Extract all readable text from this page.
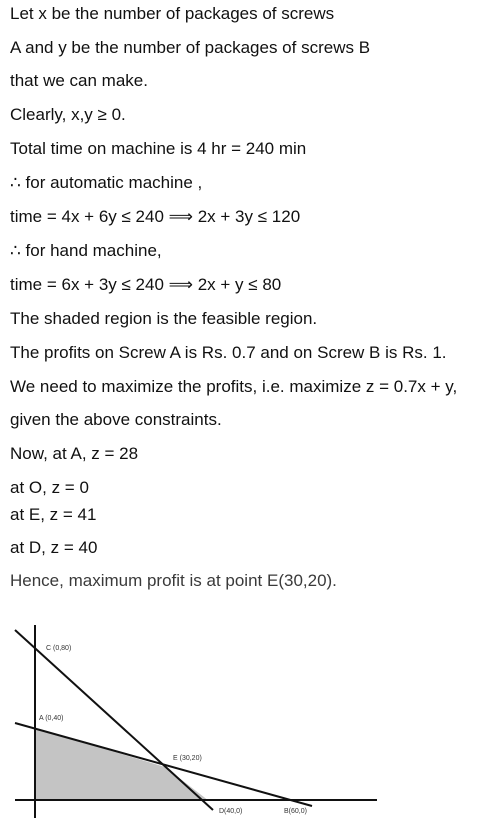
Let x be the number of packages of screws
A and y be the number of packages of screws B
that we can make.
Clearly, x,y ≥ 0.
Total time on machine is 4 hr = 240 min
∴ for automatic machine ,
time = 4x + 6y ≤ 240 ⟹ 2x + 3y ≤ 120
∴ for hand machine,
time = 6x + 3y ≤ 240 ⟹ 2x + y ≤ 80
The shaded region is the feasible region.
The profits on Screw A is Rs. 0.7 and on Screw B is Rs. 1.
We need to maximize the profits, i.e. maximize z = 0.7x + y,
given the above constraints.
Now, at A, z = 28
at O, z = 0
at E, z = 41
at D, z = 40
Hence, maximum profit is at point E(30,20).
C (0,80)
A (0,40)
E (30,20)
D(40,0)	B(60,0)
